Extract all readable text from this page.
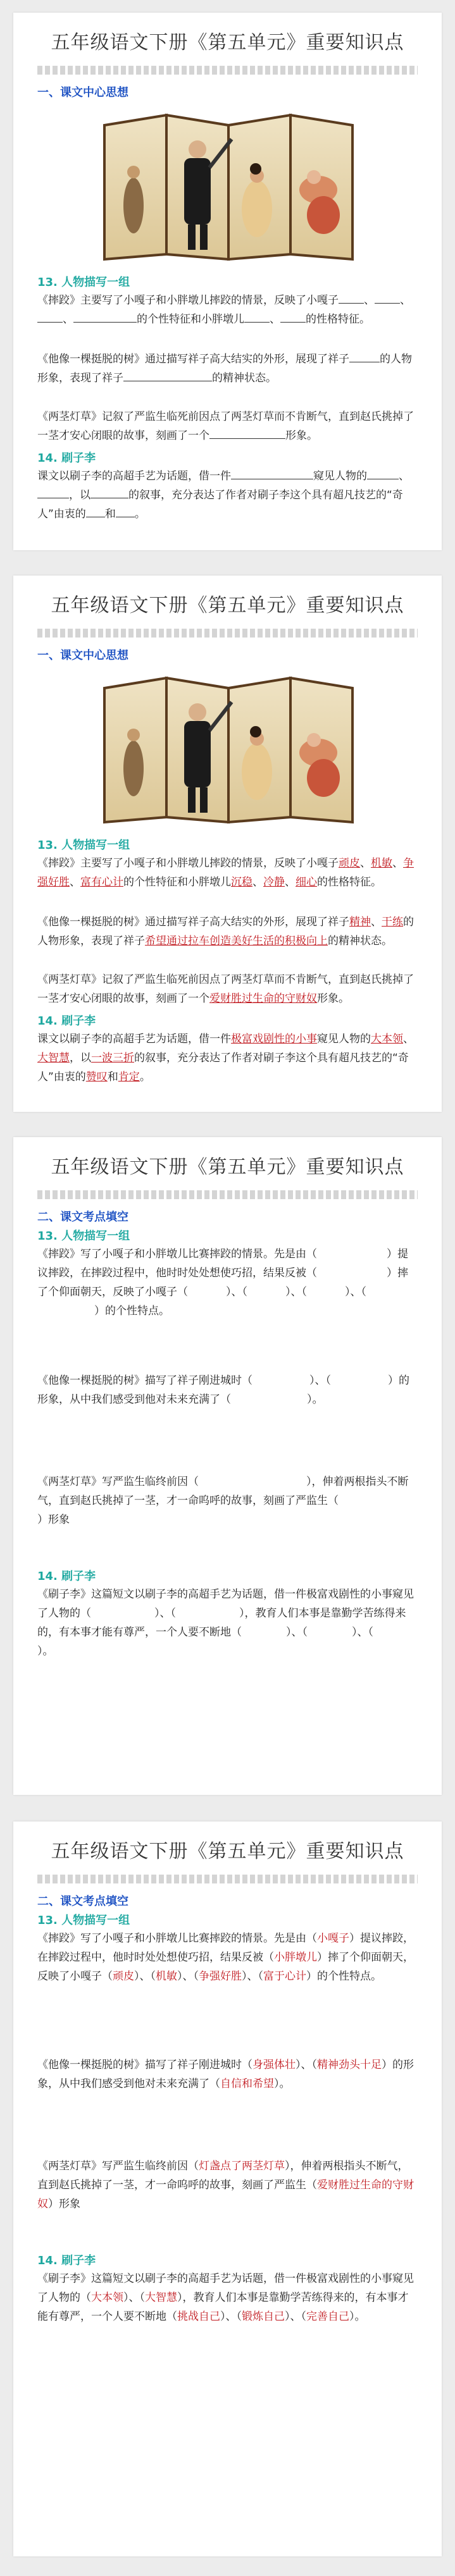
五年级语文下册《第五单元》重要知识点
一、课文中心思想
13. 人物描写一组
《摔跤》主要写了小嘎子和小胖墩儿摔跤的情景，反映了小嘎子 、 、、	的个性特征和小胖墩儿 、 的性格特征。
《他像一棵挺脱的树》通过描写祥子高大结实的外形，展现了祥子	的人物形象，表现了祥子	的精神状态。
《两茎灯草》记叙了严监生临死前因点了两茎灯草而不肯断气，直到赵氏挑掉了一茎才安心闭眼的故事，刻画了一个	形象。
14. 刷子李
课文以刷子李的高超手艺为话题，借一件	窥见人物的	、，以	的叙事，充分表达了作者对刷子李这个具有超凡技艺的“奇人”由衷的 和 。
五年级语文下册《第五单元》重要知识点
一、课文中心思想
13. 人物描写一组
《摔跤》主要写了小嘎子和小胖墩儿摔跤的情景，反映了小嘎子顽皮、机敏、争强好胜、富有心计的个性特征和小胖墩儿沉稳、冷静、细心的性格特征。
《他像一棵挺脱的树》通过描写祥子高大结实的外形，展现了祥子精神、干练的人物形象，表现了祥子希望通过拉车创造美好生活的积极向上的精神状态。
《两茎灯草》记叙了严监生临死前因点了两茎灯草而不肯断气，直到赵氏挑掉了一茎才安心闭眼的故事，刻画了一个爱财胜过生命的守财奴形象。
14. 刷子李
课文以刷子李的高超手艺为话题，借一件极富戏剧性的小事窥见人物的大本领、大智慧，以一波三折的叙事，充分表达了作者对刷子李这个具有超凡技艺的“奇人”由衷的赞叹和肯定。
五年级语文下册《第五单元》重要知识点
二、课文考点填空
13. 人物描写一组
《摔跤》写了小嘎子和小胖墩儿比赛摔跤的情景。先是由（	）提议摔跤，在摔跤过程中，他时时处处想使巧招，结果反被（	）摔了个仰面朝天，反映了小嘎子（	）、（	）、（	）、（）的个性特点。
《他像一棵挺脱的树》描写了祥子刚进城时（	）、（	）的形象，从中我们感受到他对未来充满了（	）。
《两茎灯草》写严监生临终前因（	），伸着两根指头不断气，直到赵氏挑掉了一茎，才一命呜呼的故事，刻画了严监生（）形象
14. 刷子李
《刷子李》这篇短文以刷子李的高超手艺为话题，借一件极富戏剧性的小事窥见了人物的（	）、（	），教育人们本事是靠勤学苦练得来的，有本事才能有尊严，一个人要不断地（	）、（	）、（）。
五年级语文下册《第五单元》重要知识点
二、课文考点填空
13. 人物描写一组
《摔跤》写了小嘎子和小胖墩儿比赛摔跤的情景。先是由（小嘎子）提议摔跤，在摔跤过程中，他时时处处想使巧招，结果反被（小胖墩儿）摔了个仰面朝天，反映了小嘎子（顽皮）、（机敏）、（争强好胜）、（富于心计）的个性特点。
《他像一棵挺脱的树》描写了祥子刚进城时（身强体壮）、（精神劲头十足）的形象，从中我们感受到他对未来充满了（自信和希望）。
《两茎灯草》写严监生临终前因（灯盏点了两茎灯草），伸着两根指头不断气，直到赵氏挑掉了一茎，才一命呜呼的故事，刻画了严监生（爱财胜过生命的守财奴）形象
14. 刷子李
《刷子李》这篇短文以刷子李的高超手艺为话题，借一件极富戏剧性的小事窥见了人物的（大本领）、（大智慧），教育人们本事是靠勤学苦练得来的，有本事才能有尊严，一个人要不断地（挑战自己）、（锻炼自己）、（完善自己）。
